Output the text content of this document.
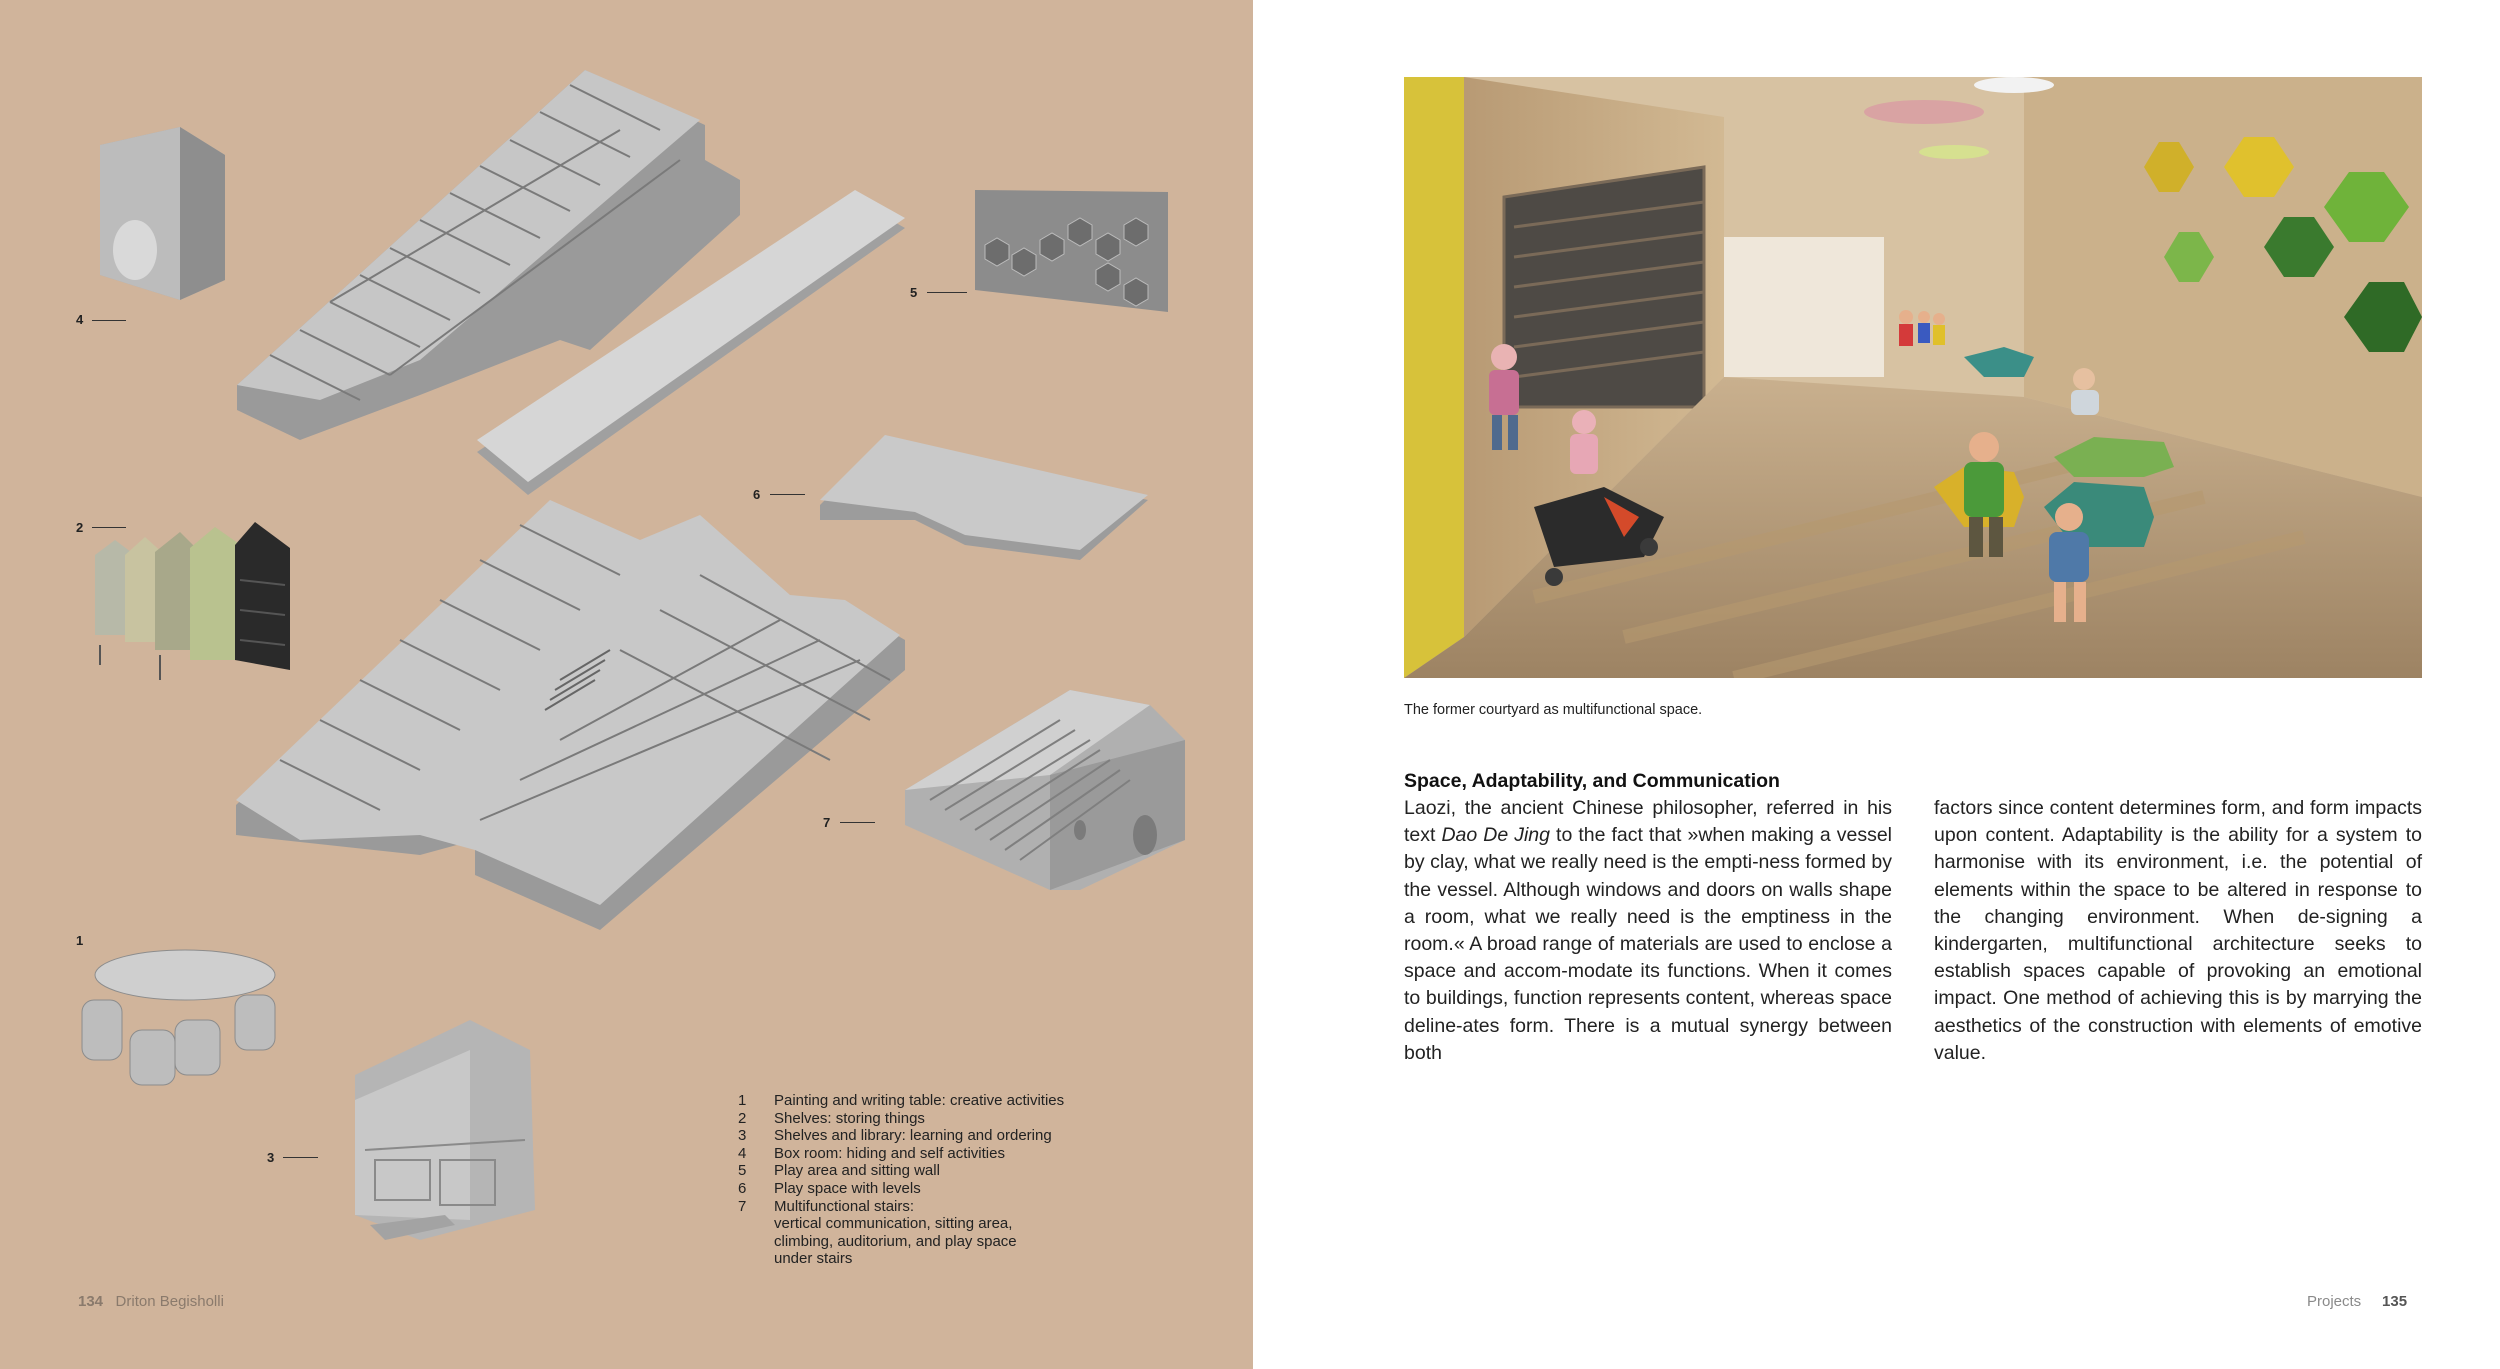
4
5
2
6
7
1
3
1	Painting and writing table: creative activities
2	Shelves: storing things
3	Shelves and library: learning and ordering
4	Box room: hiding and self activities
5	Play area and sitting wall
6	Play space with levels
7	Multifunctional stairs:
vertical communication, sitting area,
climbing, auditorium, and play space
under stairs
134 Driton Begisholli
The former courtyard as multifunctional space.
Space, Adaptability, and Communication
Laozi, the ancient Chinese philosopher, referred in his text Dao De Jing to the fact that »when making a vessel by clay, what we really need is the empti-ness formed by the vessel. Although windows and doors on walls shape a room, what we really need is the emptiness in the room.« A broad range of materials are used to enclose a space and accom-modate its functions. When it comes to buildings, function represents content, whereas space deline-ates form. There is a mutual synergy between both
factors since content determines form, and form impacts upon content. Adaptability is the ability for a system to harmonise with its environment, i.e. the potential of elements within the space to be altered in response to the changing environment. When de-signing a kindergarten, multifunctional architecture seeks to establish spaces capable of provoking an emotional impact. One method of achieving this is by marrying the aesthetics of the construction with elements of emotive value.
Projects 135
